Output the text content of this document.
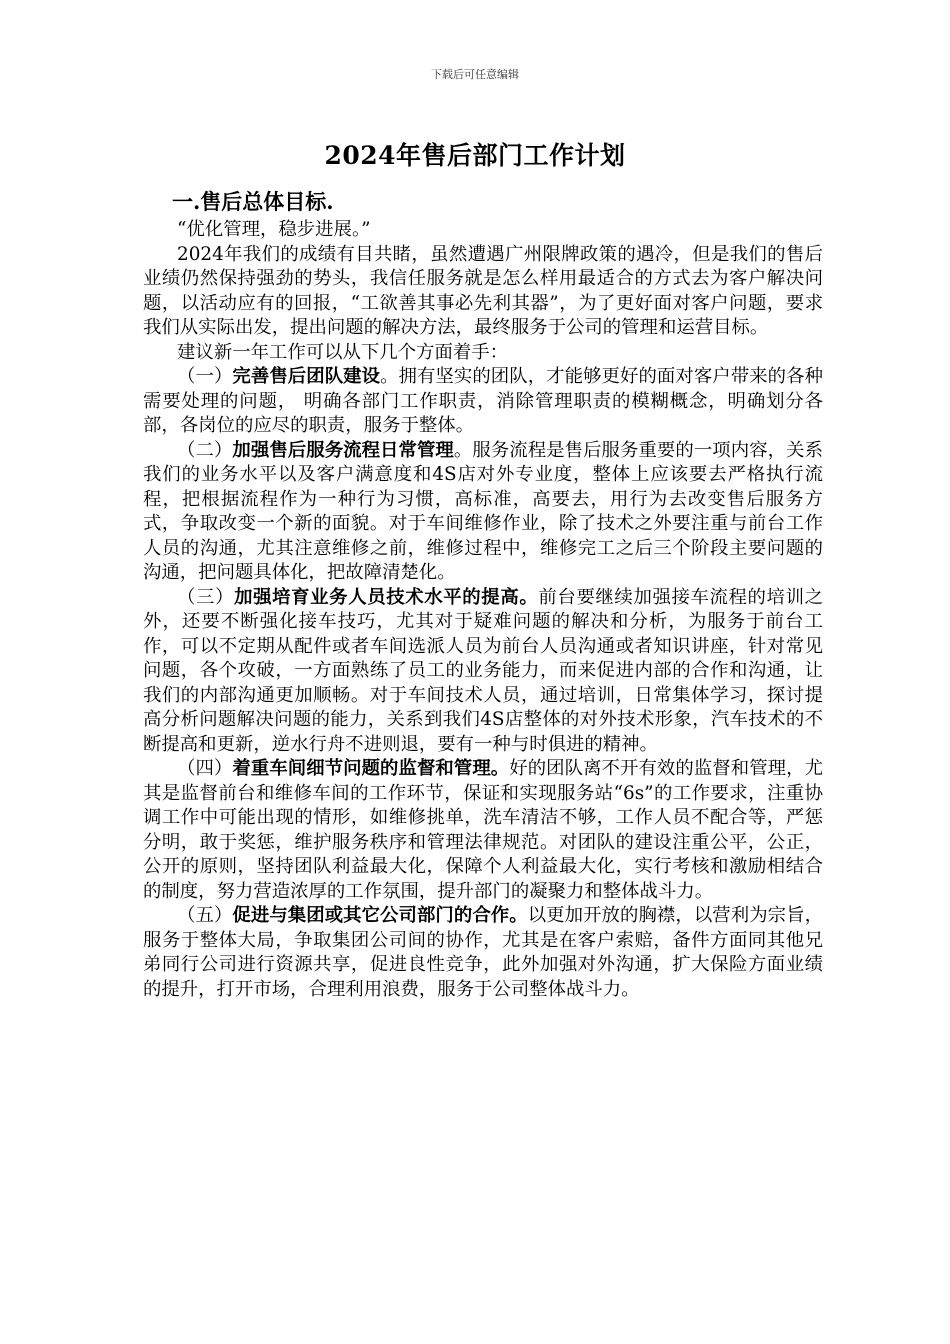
下载后可任意编辑
2024年售后部门工作计划
一.售后总体目标.

“优化管理，稳步进展。”

2024年我们的成绩有目共睹，虽然遭遇广州限牌政策的遇冷，但是我们的售后业绩仍然保持强劲的势头，我信任服务就是怎么样用最适合的方式去为客户解决问题，以活动应有的回报，“工欲善其事必先利其器”，为了更好面对客户问题，要求我们从实际出发，提出问题的解决方法，最终服务于公司的管理和运营目标。

建议新一年工作可以从下几个方面着手：

（一）完善售后团队建设。拥有坚实的团队，才能够更好的面对客户带来的各种需要处理的问题， 明确各部门工作职责，消除管理职责的模糊概念，明确划分各部，各岗位的应尽的职责，服务于整体。

（二）加强售后服务流程日常管理。服务流程是售后服务重要的一项内容，关系我们的业务水平以及客户满意度和4S店对外专业度，整体上应该要去严格执行流程，把根据流程作为一种行为习惯，高标准，高要去，用行为去改变售后服务方式，争取改变一个新的面貌。对于车间维修作业，除了技术之外要注重与前台工作人员的沟通，尤其注意维修之前，维修过程中，维修完工之后三个阶段主要问题的沟通，把问题具体化，把故障清楚化。

（三）加强培育业务人员技术水平的提高。前台要继续加强接车流程的培训之外，还要不断强化接车技巧，尤其对于疑难问题的解决和分析，为服务于前台工作，可以不定期从配件或者车间选派人员为前台人员沟通或者知识讲座，针对常见问题，各个攻破，一方面熟练了员工的业务能力，而来促进内部的合作和沟通，让我们的内部沟通更加顺畅。对于车间技术人员，通过培训，日常集体学习，探讨提高分析问题解决问题的能力，关系到我们4S店整体的对外技术形象，汽车技术的不断提高和更新，逆水行舟不进则退，要有一种与时俱进的精神。

（四）着重车间细节问题的监督和管理。好的团队离不开有效的监督和管理，尤其是监督前台和维修车间的工作环节，保证和实现服务站“6s”的工作要求，注重协调工作中可能出现的情形，如维修挑单，洗车清洁不够，工作人员不配合等，严惩分明，敢于奖惩，维护服务秩序和管理法律规范。对团队的建设注重公平，公正，公开的原则，坚持团队利益最大化，保障个人利益最大化，实行考核和激励相结合的制度，努力营造浓厚的工作氛围，提升部门的凝聚力和整体战斗力。

（五）促进与集团或其它公司部门的合作。以更加开放的胸襟，以营利为宗旨，服务于整体大局，争取集团公司间的协作，尤其是在客户索赔，备件方面同其他兄弟同行公司进行资源共享，促进良性竞争，此外加强对外沟通，扩大保险方面业绩的提升，打开市场，合理利用浪费，服务于公司整体战斗力。
